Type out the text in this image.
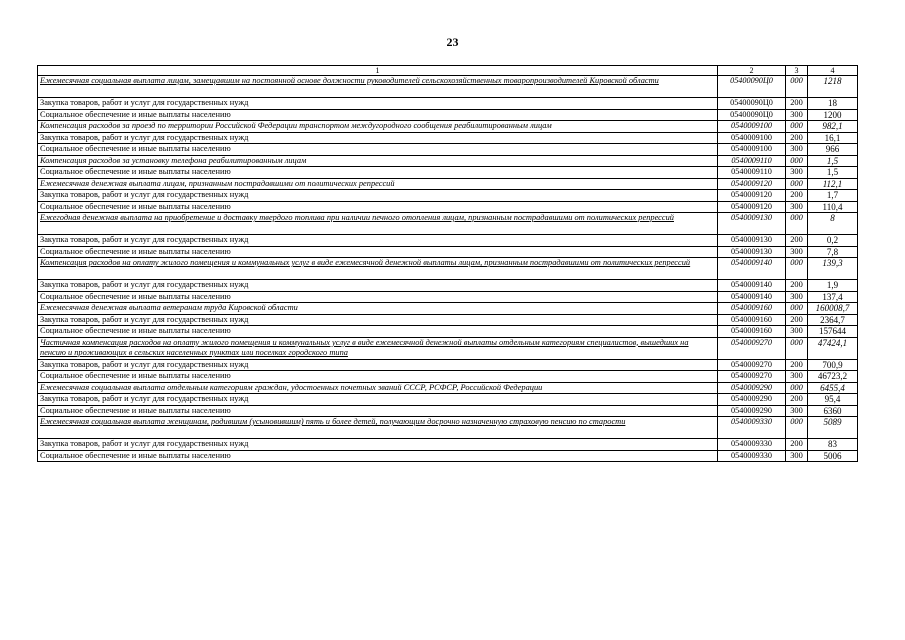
23
1	2	3	4
Ежемесячная социальная выплата лицам, замещавшим на постоянной основе должности руководителей сельскохозяйственных товаропроизводителей Кировской области	05400090Ц0	000	1218
Закупка товаров, работ и услуг для государственных нужд	05400090Ц0	200	18
Социальное обеспечение и иные выплаты населению	05400090Ц0	300	1200
Компенсация расходов за проезд по территории Российской Федерации транспортом междугородного сообщения реабилитированным лицам	0540009100	000	982,1
Закупка товаров, работ и услуг для государственных нужд	0540009100	200	16,1
Социальное обеспечение и иные выплаты населению	0540009100	300	966
Компенсация расходов за установку телефона реабилитированным лицам	0540009110	000	1,5
Социальное обеспечение и иные выплаты населению	0540009110	300	1,5
Ежемесячная денежная выплата лицам, признанным пострадавшими от политических репрессий	0540009120	000	112,1
Закупка товаров, работ и услуг для государственных нужд	0540009120	200	1,7
Социальное обеспечение и иные выплаты населению	0540009120	300	110,4
Ежегодная денежная выплата на приобретение и доставку твердого топлива при наличии печного отопления лицам, признанным пострадавшими от политических репрессий	0540009130	000	8
Закупка товаров, работ и услуг для государственных нужд	0540009130	200	0,2
Социальное обеспечение и иные выплаты населению	0540009130	300	7,8
Компенсация расходов на оплату жилого помещения и коммунальных услуг в виде ежемесячной денежной выплаты лицам, признанным пострадавшими от политических репрессий	0540009140	000	139,3
Закупка товаров, работ и услуг для государственных нужд	0540009140	200	1,9
Социальное обеспечение и иные выплаты населению	0540009140	300	137,4
Ежемесячная денежная выплата ветеранам труда Кировской области	0540009160	000	160008,7
Закупка товаров, работ и услуг для государственных нужд	0540009160	200	2364,7
Социальное обеспечение и иные выплаты населению	0540009160	300	157644
Частичная компенсация расходов на оплату жилого помещения и коммунальных услуг в виде ежемесячной денежной выплаты отдельным категориям специалистов, вышедших на пенсию и проживающих в сельских населенных пунктах или поселках городского типа	0540009270	000	47424,1
Закупка товаров, работ и услуг для государственных нужд	0540009270	200	700,9
Социальное обеспечение и иные выплаты населению	0540009270	300	46723,2
Ежемесячная социальная выплата отдельным категориям граждан, удостоенных почетных званий СССР, РСФСР, Российской Федерации	0540009290	000	6455,4
Закупка товаров, работ и услуг для государственных нужд	0540009290	200	95,4
Социальное обеспечение и иные выплаты населению	0540009290	300	6360
Ежемесячная социальная выплата женщинам, родившим (усыновившим) пять и более детей, получающим досрочно назначенную страховую пенсию по старости	0540009330	000	5089
Закупка товаров, работ и услуг для государственных нужд	0540009330	200	83
Социальное обеспечение и иные выплаты населению	0540009330	300	5006
